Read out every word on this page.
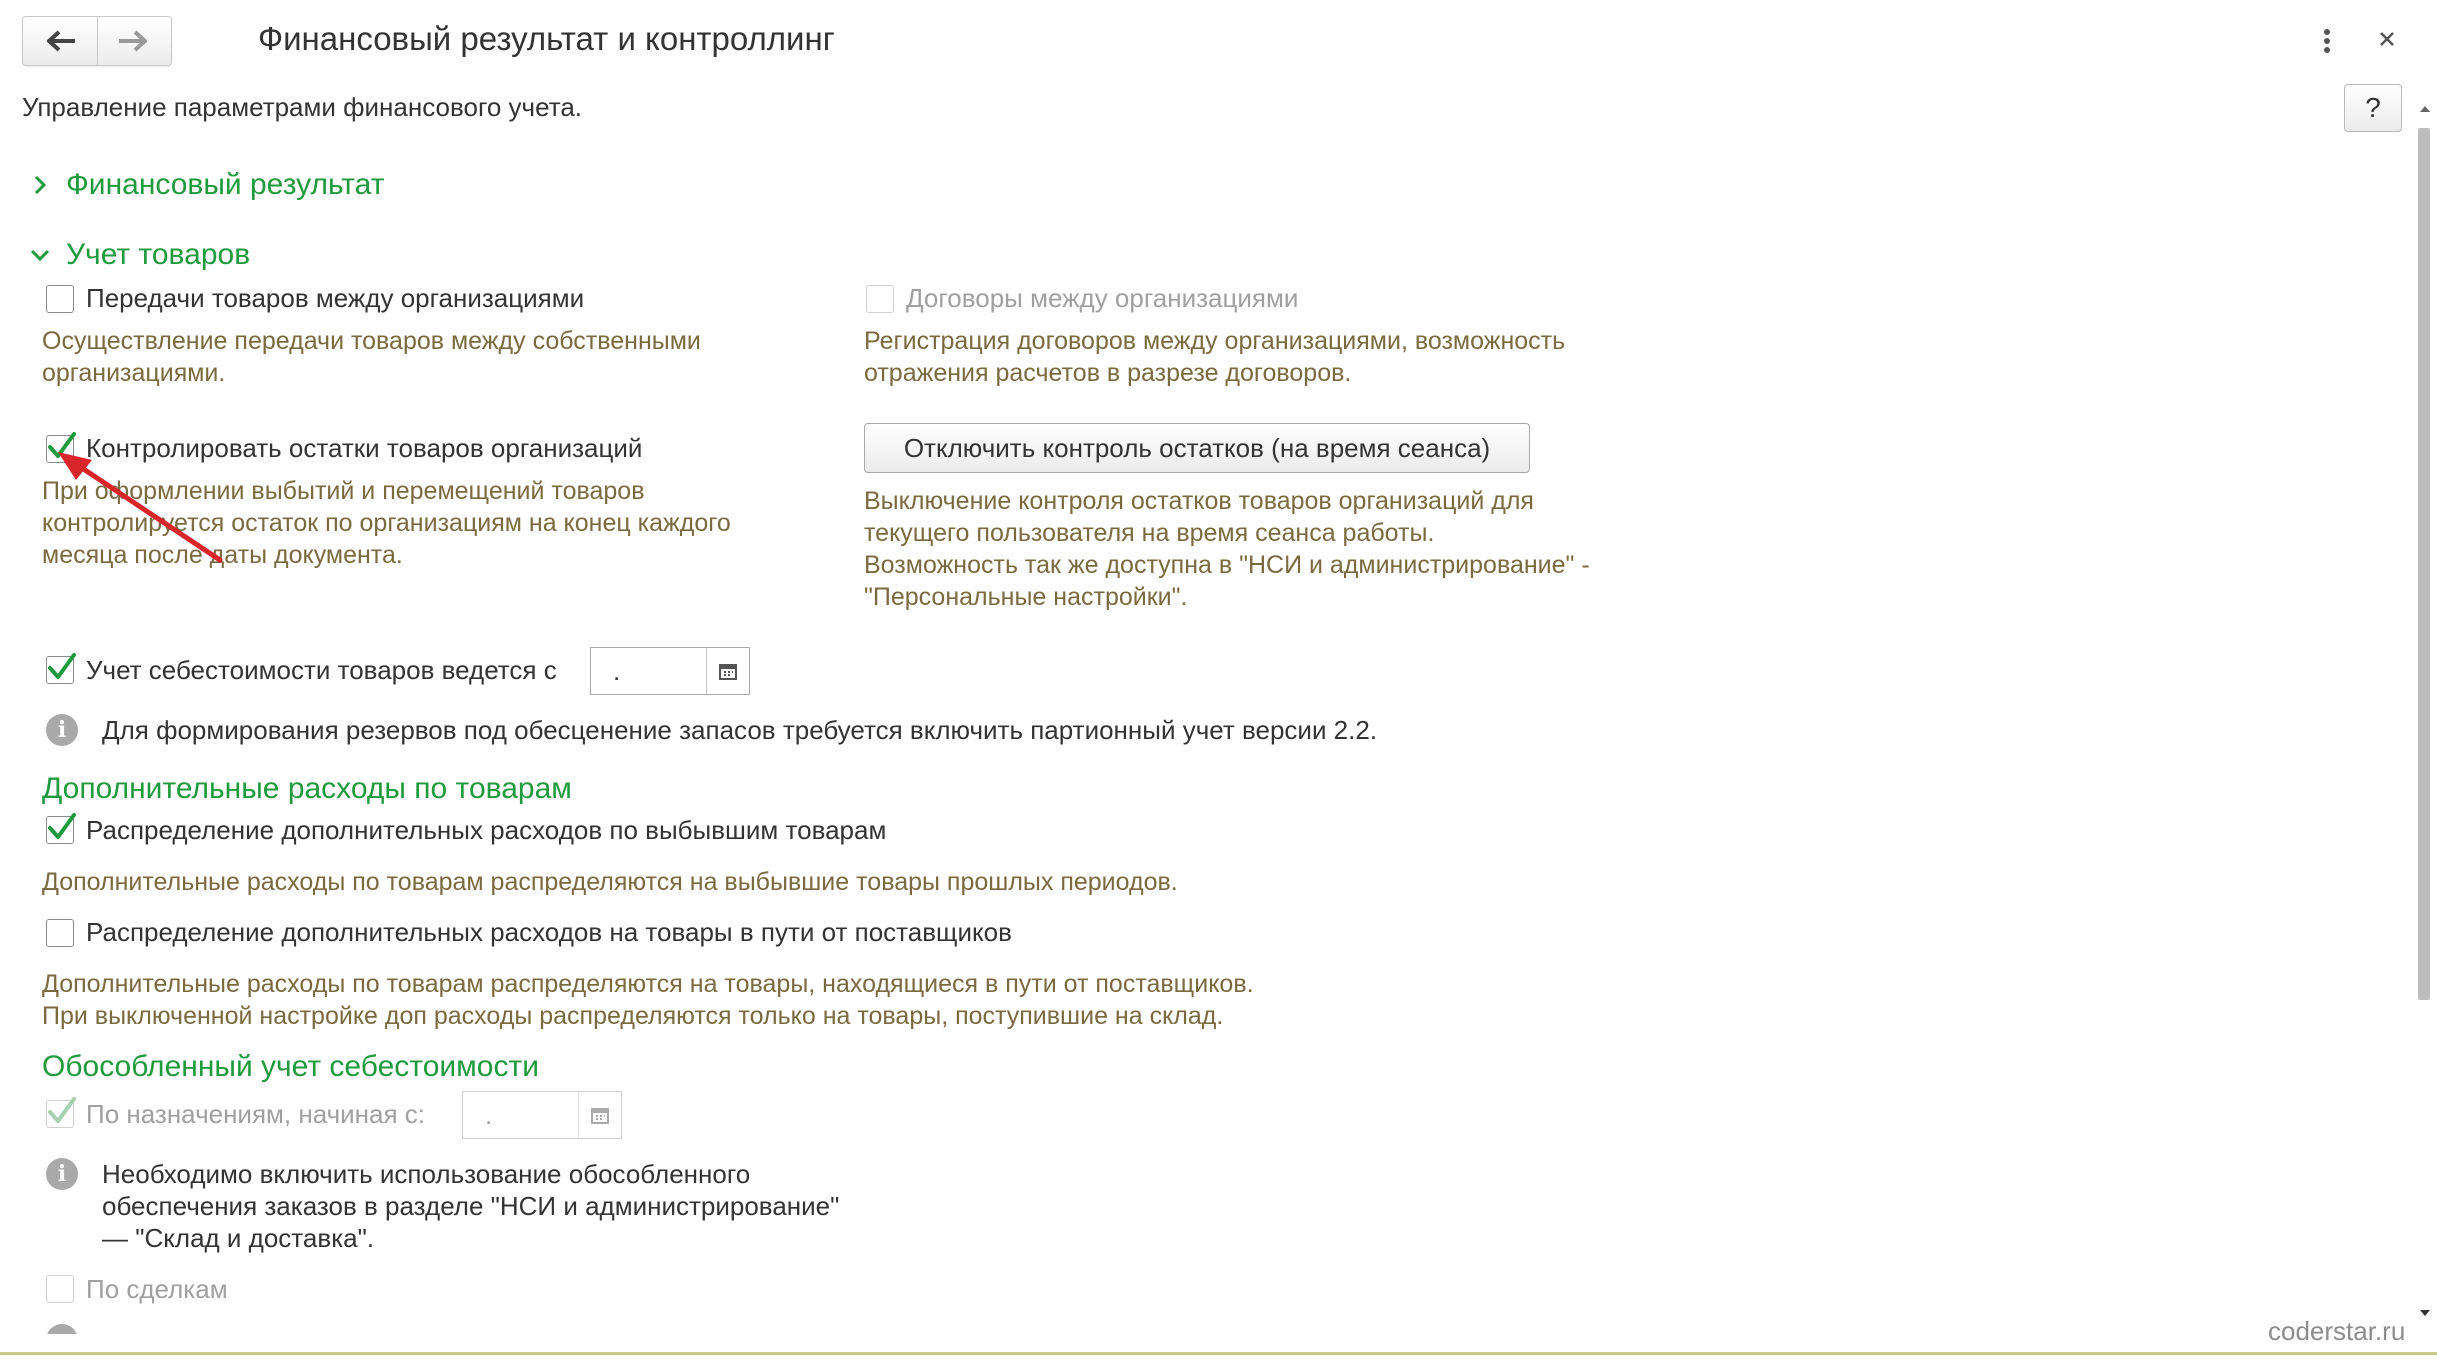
Финансовый результат и контроллинг
Управление параметрами финансового учета.	?
Финансовый результат
Учет товаров
Передачи товаров между организациями
Осуществление передачи товаров между собственными
организациями.
Договоры между организациями
Регистрация договоров между организациями, возможность
отражения расчетов в разрезе договоров.
Контролировать остатки товаров организаций
При оформлении выбытий и перемещений товаров
контролируется остаток по организациям на конец каждого
месяца после даты документа.
Отключить контроль остатков (на время сеанса)
Выключение контроля остатков товаров организаций для
текущего пользователя на время сеанса работы.
Возможность так же доступна в "НСИ и администрирование" -
"Персональные настройки".
Учет себестоимости товаров ведется с	.
i	Для формирования резервов под обесценение запасов требуется включить партионный учет версии 2.2.
Дополнительные расходы по товарам
Распределение дополнительных расходов по выбывшим товарам
Дополнительные расходы по товарам распределяются на выбывшие товары прошлых периодов.
Распределение дополнительных расходов на товары в пути от поставщиков
Дополнительные расходы по товарам распределяются на товары, находящиеся в пути от поставщиков.
При выключенной настройке доп расходы распределяются только на товары, поступившие на склад.
Обособленный учет себестоимости
По назначениям, начиная с:	.
i	Необходимо включить использование обособленного
обеспечения заказов в разделе "НСИ и администрирование"
— "Склад и доставка".
По сделкам
coderstar.ru
